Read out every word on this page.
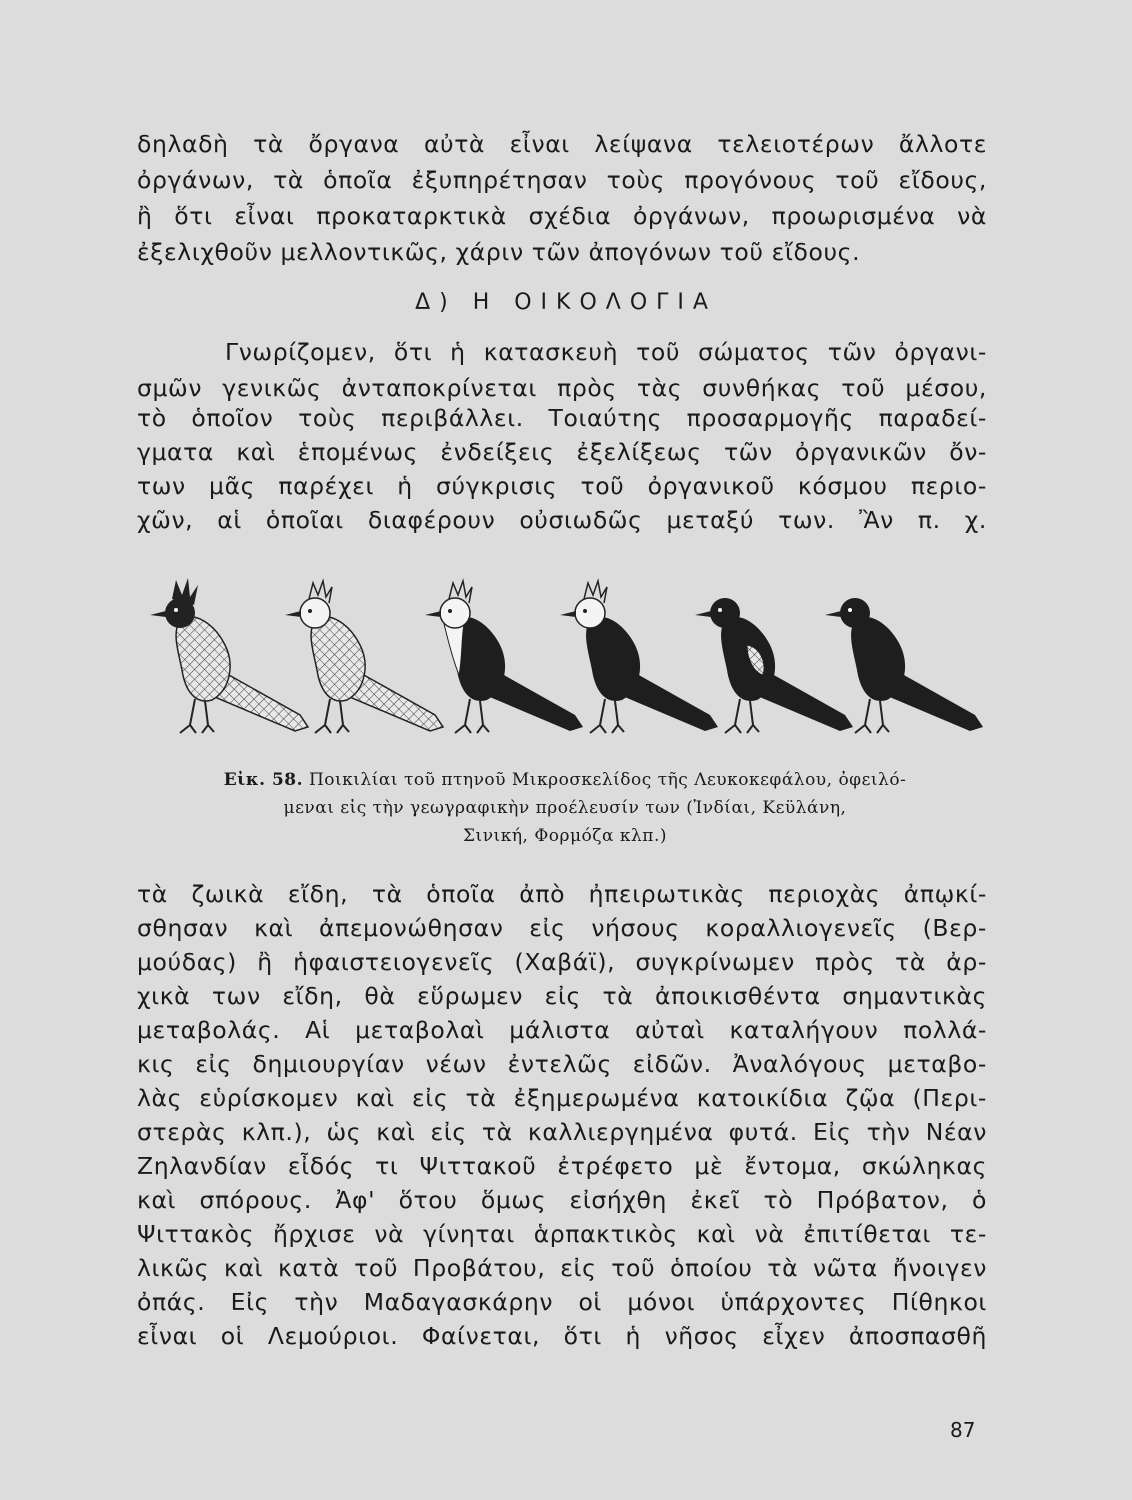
δηλαδὴ τὰ ὄργανα αὐτὰ εἶναι λείψανα τελειοτέρων ἄλλοτε
ὀργάνων, τὰ ὁποῖα ἐξυπηρέτησαν τοὺς προγόνους τοῦ εἴδους,
ἢ ὅτι εἶναι προκαταρκτικὰ σχέδια ὀργάνων, προωρισμένα νὰ
ἐξελιχθοῦν μελλοντικῶς, χάριν τῶν ἀπογόνων τοῦ εἴδους.
Δ) Η ΟΙΚΟΛΟΓΙΑ
Γνωρίζομεν, ὅτι ἡ κατασκευὴ τοῦ σώματος τῶν ὀργανι-
σμῶν γενικῶς ἀνταποκρίνεται πρὸς τὰς συνθήκας τοῦ μέσου,
τὸ ὁποῖον τοὺς περιβάλλει. Τοιαύτης προσαρμογῆς παραδεί-
γματα καὶ ἑπομένως ἐνδείξεις ἐξελίξεως τῶν ὀργανικῶν ὄν-
των μᾶς παρέχει ἡ σύγκρισις τοῦ ὀργανικοῦ κόσμου περιο-
χῶν, αἱ ὁποῖαι διαφέρουν οὐσιωδῶς μεταξύ των. Ἂν π. χ.
Εἰκ. 58. Ποικιλίαι τοῦ πτηνοῦ Μικροσκελίδος τῆς Λευκοκεφάλου, ὀφειλό-
μεναι εἰς τὴν γεωγραφικὴν προέλευσίν των (Ἰνδίαι, Κεϋλάνη,
Σινική, Φορμόζα κλπ.)
τὰ ζωικὰ εἴδη, τὰ ὁποῖα ἀπὸ ἠπειρωτικὰς περιοχὰς ἀπῳκί-
σθησαν καὶ ἀπεμονώθησαν εἰς νήσους κοραλλιογενεῖς (Βερ-
μούδας) ἢ ἡφαιστειογενεῖς (Χαβάϊ), συγκρίνωμεν πρὸς τὰ ἀρ-
χικὰ των εἴδη, θὰ εὕρωμεν εἰς τὰ ἀποικισθέντα σημαντικὰς
μεταβολάς. Αἱ μεταβολαὶ μάλιστα αὐταὶ καταλήγουν πολλά-
κις εἰς δημιουργίαν νέων ἐντελῶς εἰδῶν. Ἀναλόγους μεταβο-
λὰς εὑρίσκομεν καὶ εἰς τὰ ἐξημερωμένα κατοικίδια ζῷα (Περι-
στερὰς κλπ.), ὡς καὶ εἰς τὰ καλλιεργημένα φυτά. Εἰς τὴν Νέαν
Ζηλανδίαν εἶδός τι Ψιττακοῦ ἐτρέφετο μὲ ἔντομα, σκώληκας
καὶ σπόρους. Ἀφ' ὅτου ὅμως εἰσήχθη ἐκεῖ τὸ Πρόβατον, ὁ
Ψιττακὸς ἤρχισε νὰ γίνηται ἁρπακτικὸς καὶ νὰ ἐπιτίθεται τε-
λικῶς καὶ κατὰ τοῦ Προβάτου, εἰς τοῦ ὁποίου τὰ νῶτα ἤνοιγεν
ὀπάς. Εἰς τὴν Μαδαγασκάρην οἱ μόνοι ὑπάρχοντες Πίθηκοι
εἶναι οἱ Λεμούριοι. Φαίνεται, ὅτι ἡ νῆσος εἶχεν ἀποσπασθῆ
87
